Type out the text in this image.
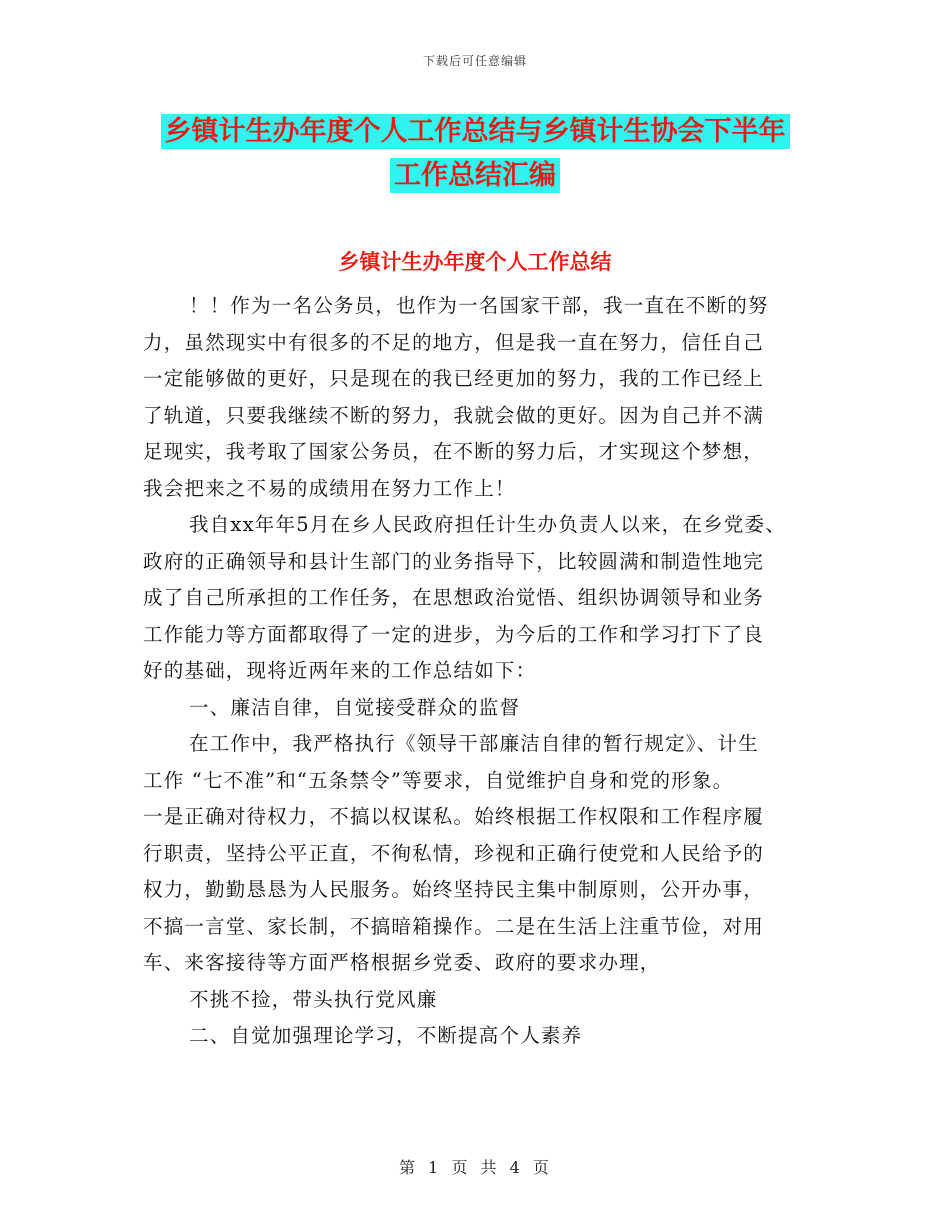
下载后可任意编辑
乡镇计生办年度个人工作总结与乡镇计生协会下半年
工作总结汇编
乡镇计生办年度个人工作总结
！！作为一名公务员，也作为一名国家干部，我一直在不断的努
力，虽然现实中有很多的不足的地方，但是我一直在努力，信任自己
一定能够做的更好，只是现在的我已经更加的努力，我的工作已经上
了轨道，只要我继续不断的努力，我就会做的更好。因为自己并不满
足现实，我考取了国家公务员，在不断的努力后，才实现这个梦想，
我会把来之不易的成绩用在努力工作上！
我自xx年年5月在乡人民政府担任计生办负责人以来，在乡党委、
政府的正确领导和县计生部门的业务指导下，比较圆满和制造性地完
成了自己所承担的工作任务，在思想政治觉悟、组织协调领导和业务
工作能力等方面都取得了一定的进步，为今后的工作和学习打下了良
好的基础，现将近两年来的工作总结如下：
一、廉洁自律，自觉接受群众的监督
在工作中，我严格执行《领导干部廉洁自律的暂行规定》、计生
工作 “七不准”和“五条禁令”等要求，自觉维护自身和党的形象。
一是正确对待权力，不搞以权谋私。始终根据工作权限和工作程序履
行职责，坚持公平正直，不徇私情，珍视和正确行使党和人民给予的
权力，勤勤恳恳为人民服务。始终坚持民主集中制原则，公开办事，
不搞一言堂、家长制，不搞暗箱操作。二是在生活上注重节俭，对用
车、来客接待等方面严格根据乡党委、政府的要求办理，
不挑不捡，带头执行党风廉
二、自觉加强理论学习，不断提高个人素养
第 1 页 共 4 页
